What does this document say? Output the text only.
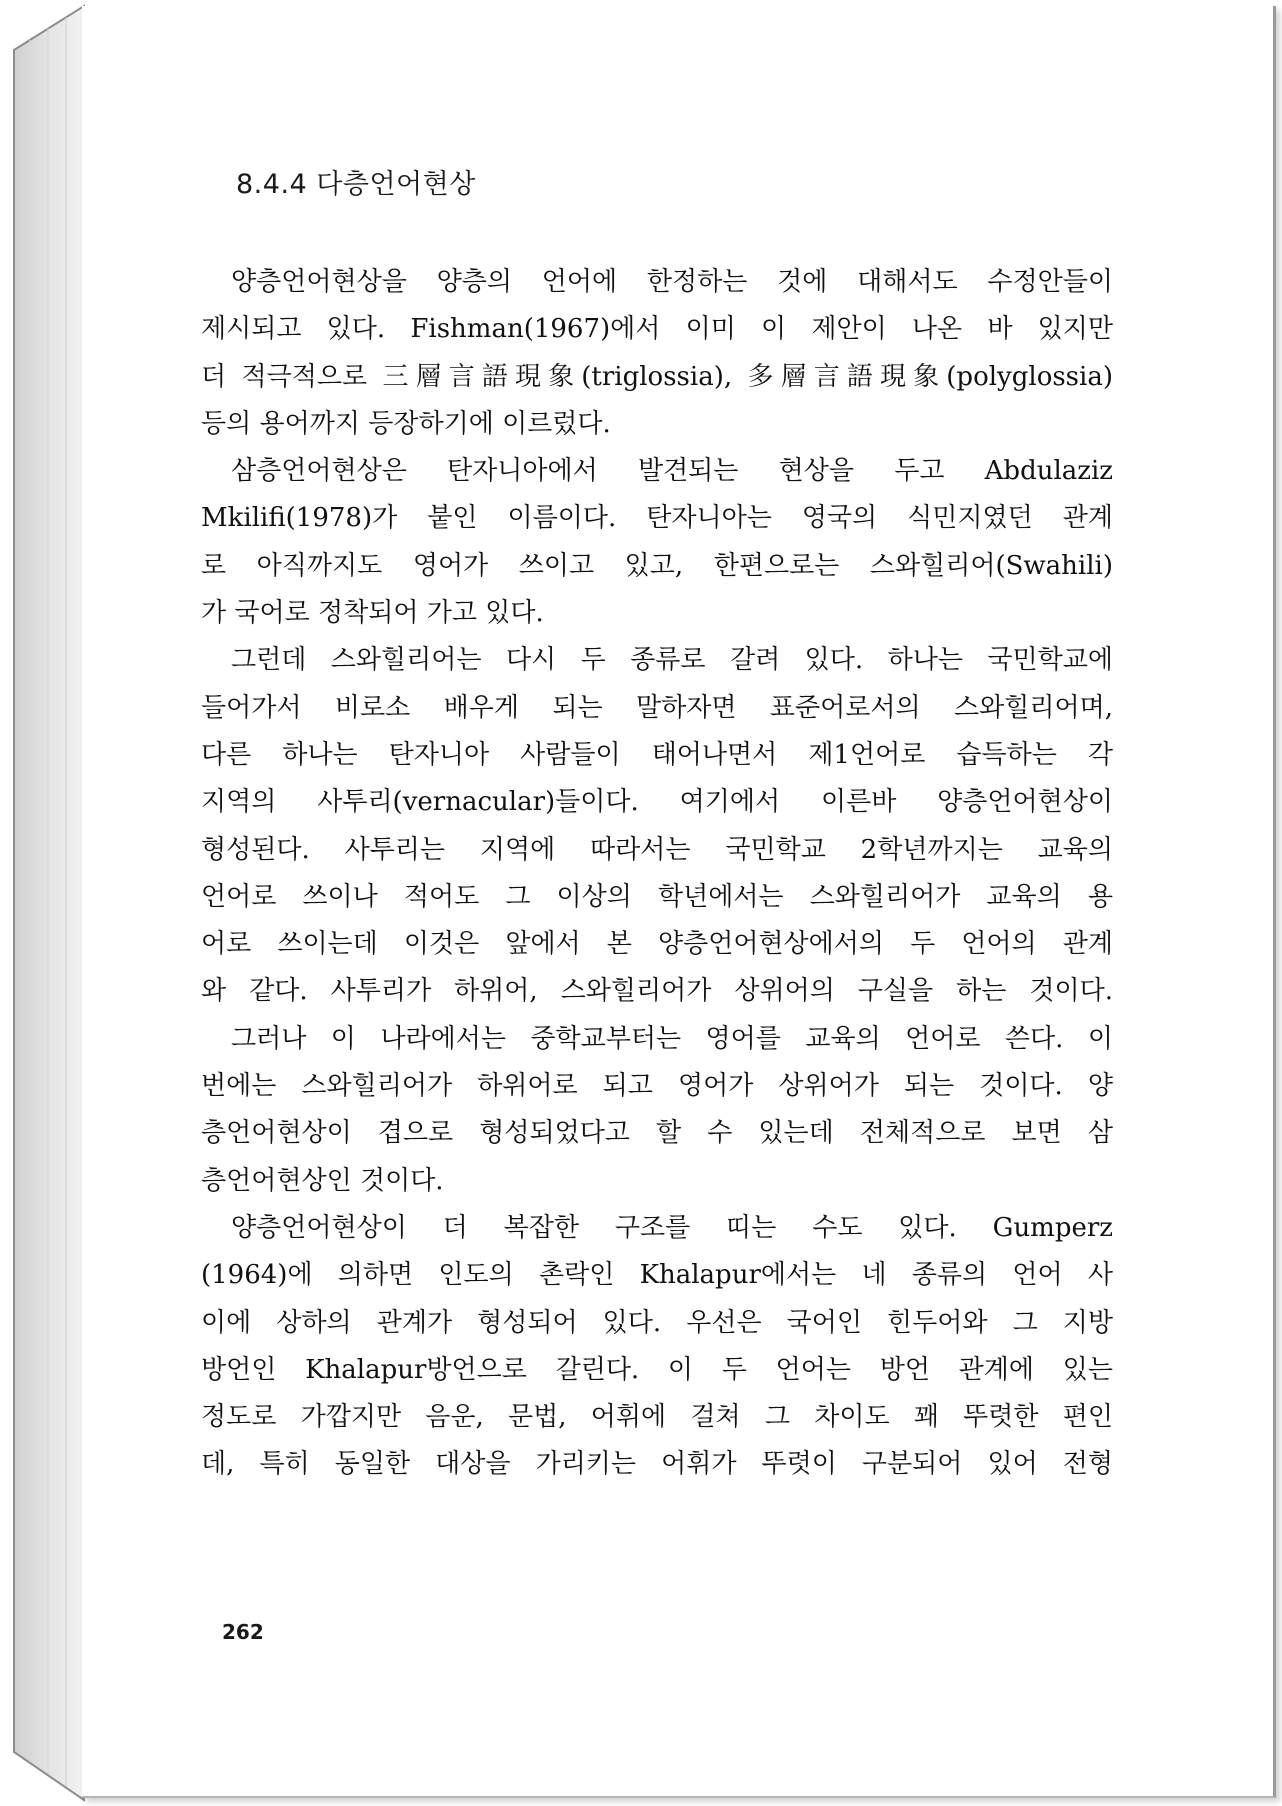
8.4.4 다층언어현상
양층언어현상을 양층의 언어에 한정하는 것에 대해서도 수정안들이
제시되고 있다. Fishman(1967)에서 이미 이 제안이 나온 바 있지만
더 적극적으로 三層言語現象(triglossia), 多層言語現象(polyglossia)
등의 용어까지 등장하기에 이르렀다.
삼층언어현상은 탄자니아에서 발견되는 현상을 두고 Abdulaziz
Mkilifi(1978)가 붙인 이름이다. 탄자니아는 영국의 식민지였던 관계
로 아직까지도 영어가 쓰이고 있고, 한편으로는 스와힐리어(Swahili)
가 국어로 정착되어 가고 있다.
그런데 스와힐리어는 다시 두 종류로 갈려 있다. 하나는 국민학교에
들어가서 비로소 배우게 되는 말하자면 표준어로서의 스와힐리어며,
다른 하나는 탄자니아 사람들이 태어나면서 제1언어로 습득하는 각
지역의 사투리(vernacular)들이다. 여기에서 이른바 양층언어현상이
형성된다. 사투리는 지역에 따라서는 국민학교 2학년까지는 교육의
언어로 쓰이나 적어도 그 이상의 학년에서는 스와힐리어가 교육의 용
어로 쓰이는데 이것은 앞에서 본 양층언어현상에서의 두 언어의 관계
와 같다. 사투리가 하위어, 스와힐리어가 상위어의 구실을 하는 것이다.
그러나 이 나라에서는 중학교부터는 영어를 교육의 언어로 쓴다. 이
번에는 스와힐리어가 하위어로 되고 영어가 상위어가 되는 것이다. 양
층언어현상이 겹으로 형성되었다고 할 수 있는데 전체적으로 보면 삼
층언어현상인 것이다.
양층언어현상이 더 복잡한 구조를 띠는 수도 있다. Gumperz
(1964)에 의하면 인도의 촌락인 Khalapur에서는 네 종류의 언어 사
이에 상하의 관계가 형성되어 있다. 우선은 국어인 힌두어와 그 지방
방언인 Khalapur방언으로 갈린다. 이 두 언어는 방언 관계에 있는
정도로 가깝지만 음운, 문법, 어휘에 걸쳐 그 차이도 꽤 뚜렷한 편인
데, 특히 동일한 대상을 가리키는 어휘가 뚜렷이 구분되어 있어 전형

262
